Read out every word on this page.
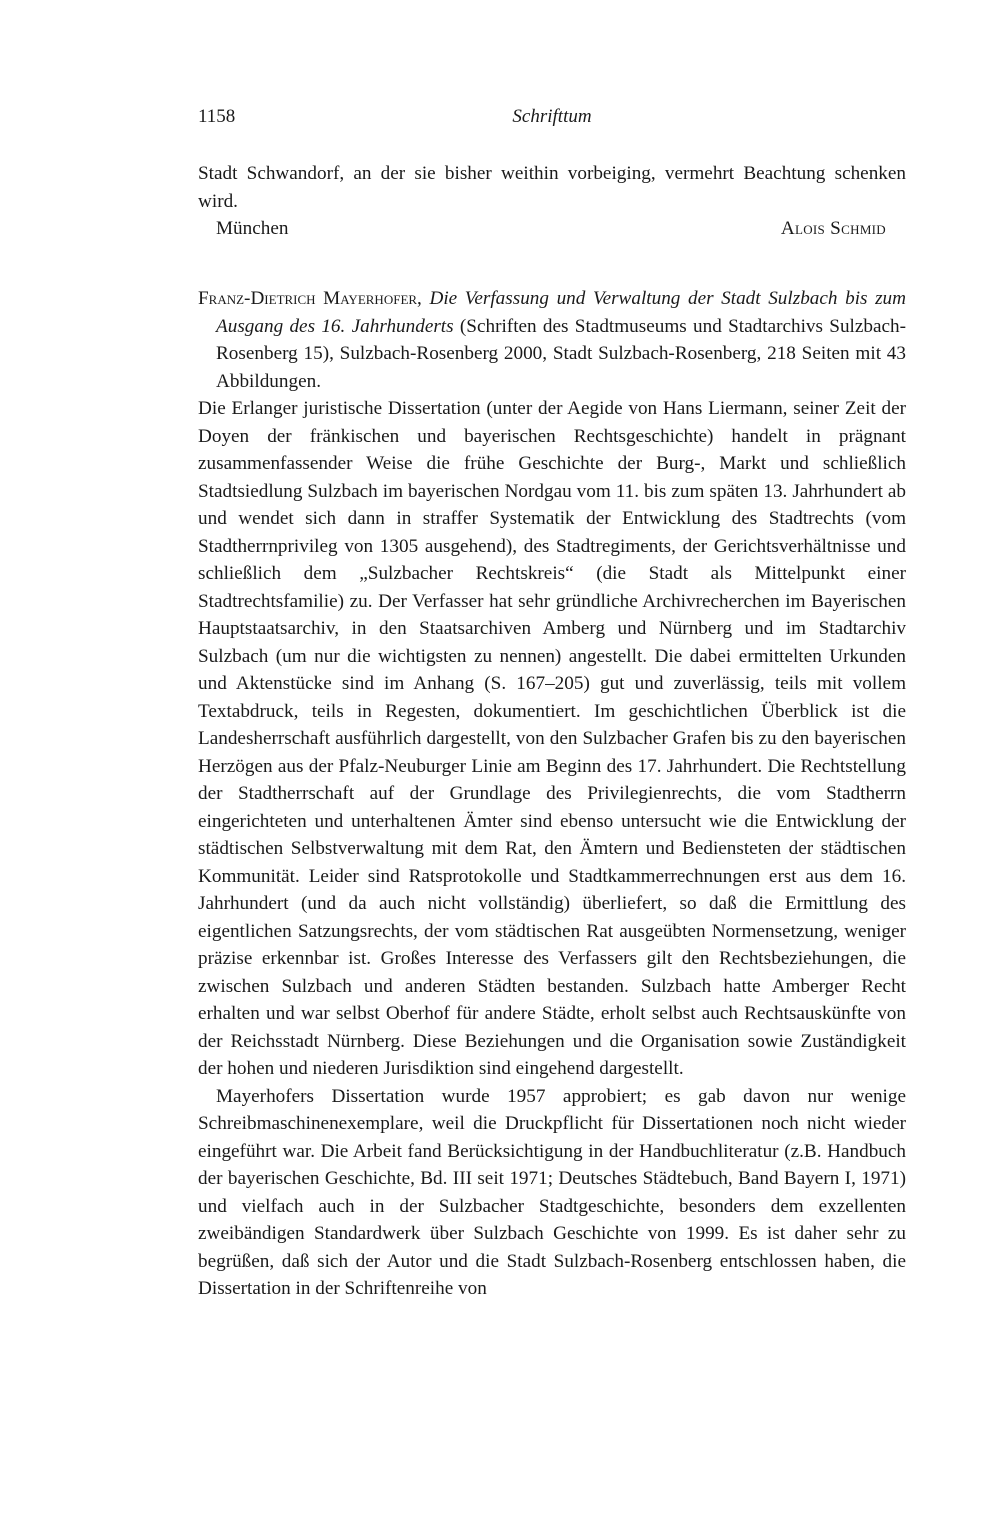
1158	Schrifttum

Stadt Schwandorf, an der sie bisher weithin vorbeiging, vermehrt Beachtung schenken wird.

München	Alois Schmid

Franz-Dietrich Mayerhofer, Die Verfassung und Verwaltung der Stadt Sulzbach bis zum Ausgang des 16. Jahrhunderts (Schriften des Stadtmuseums und Stadtarchivs Sulzbach-Rosenberg 15), Sulzbach-Rosenberg 2000, Stadt Sulzbach-Rosenberg, 218 Seiten mit 43 Abbildungen.

Die Erlanger juristische Dissertation (unter der Aegide von Hans Liermann, seiner Zeit der Doyen der fränkischen und bayerischen Rechtsgeschichte) handelt in prägnant zusammenfassender Weise die frühe Geschichte der Burg-, Markt und schließlich Stadtsiedlung Sulzbach im bayerischen Nordgau vom 11. bis zum späten 13. Jahrhundert ab und wendet sich dann in straffer Systematik der Entwicklung des Stadtrechts (vom Stadtherrnprivileg von 1305 ausgehend), des Stadtregiments, der Gerichtsverhältnisse und schließlich dem „Sulzbacher Rechtskreis“ (die Stadt als Mittelpunkt einer Stadtrechtsfamilie) zu. Der Verfasser hat sehr gründliche Archivrecherchen im Bayerischen Hauptstaatsarchiv, in den Staatsarchiven Amberg und Nürnberg und im Stadtarchiv Sulzbach (um nur die wichtigsten zu nennen) angestellt. Die dabei ermittelten Urkunden und Aktenstücke sind im Anhang (S. 167–205) gut und zuverlässig, teils mit vollem Textabdruck, teils in Regesten, dokumentiert. Im geschichtlichen Überblick ist die Landesherrschaft ausführlich dargestellt, von den Sulzbacher Grafen bis zu den bayerischen Herzögen aus der Pfalz-Neuburger Linie am Beginn des 17. Jahrhundert. Die Rechtstellung der Stadtherrschaft auf der Grundlage des Privilegienrechts, die vom Stadtherrn eingerichteten und unterhaltenen Ämter sind ebenso untersucht wie die Entwicklung der städtischen Selbstverwaltung mit dem Rat, den Ämtern und Bediensteten der städtischen Kommunität. Leider sind Ratsprotokolle und Stadtkammerrechnungen erst aus dem 16. Jahrhundert (und da auch nicht vollständig) überliefert, so daß die Ermittlung des eigentlichen Satzungsrechts, der vom städtischen Rat ausgeübten Normensetzung, weniger präzise erkennbar ist. Großes Interesse des Verfassers gilt den Rechtsbeziehungen, die zwischen Sulzbach und anderen Städten bestanden. Sulzbach hatte Amberger Recht erhalten und war selbst Oberhof für andere Städte, erholt selbst auch Rechtsauskünfte von der Reichsstadt Nürnberg. Diese Beziehungen und die Organisation sowie Zuständigkeit der hohen und niederen Jurisdiktion sind eingehend dargestellt.

Mayerhofers Dissertation wurde 1957 approbiert; es gab davon nur wenige Schreibmaschinenexemplare, weil die Druckpflicht für Dissertationen noch nicht wieder eingeführt war. Die Arbeit fand Berücksichtigung in der Handbuchliteratur (z.B. Handbuch der bayerischen Geschichte, Bd. III seit 1971; Deutsches Städtebuch, Band Bayern I, 1971) und vielfach auch in der Sulzbacher Stadtgeschichte, besonders dem exzellenten zweibändigen Standardwerk über Sulzbach Geschichte von 1999. Es ist daher sehr zu begrüßen, daß sich der Autor und die Stadt Sulzbach-Rosenberg entschlossen haben, die Dissertation in der Schriftenreihe von
